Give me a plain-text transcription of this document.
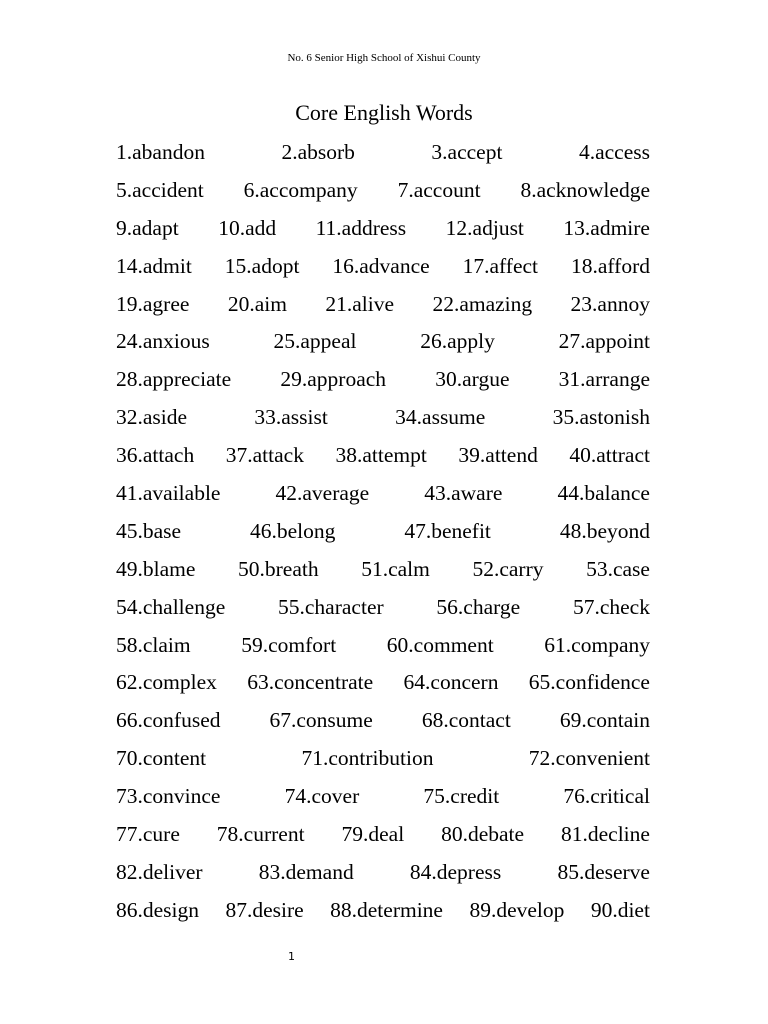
No. 6 Senior High School of Xishui County
Core English Words
1.abandon	2.absorb	3.accept	4.access
5.accident 6.accompany 7.account 8.acknowledge
9.adapt 10.add 11.address 12.adjust 13.admire
14.admit 15.adopt 16.advance 17.affect 18.afford
19.agree 20.aim 21.alive 22.amazing 23.annoy
24.anxious	25.appeal	26.apply	27.appoint
28.appreciate 29.approach 30.argue 31.arrange
32.aside	33.assist	34.assume	35.astonish
36.attach 37.attack 38.attempt 39.attend 40.attract
41.available	42.average	43.aware	44.balance
45.base	46.belong	47.benefit	48.beyond
49.blame 50.breath 51.calm 52.carry 53.case
54.challenge 55.character 56.charge 57.check
58.claim 59.comfort 60.comment 61.company
62.complex 63.concentrate 64.concern 65.confidence
66.confused 67.consume 68.contact 69.contain
70.content	71.contribution	72.convenient
73.convince	74.cover	75.credit	76.critical
77.cure 78.current 79.deal 80.debate 81.decline
82.deliver	83.demand	84.depress	85.deserve
86.design 87.desire 88.determine 89.develop 90.diet
1
